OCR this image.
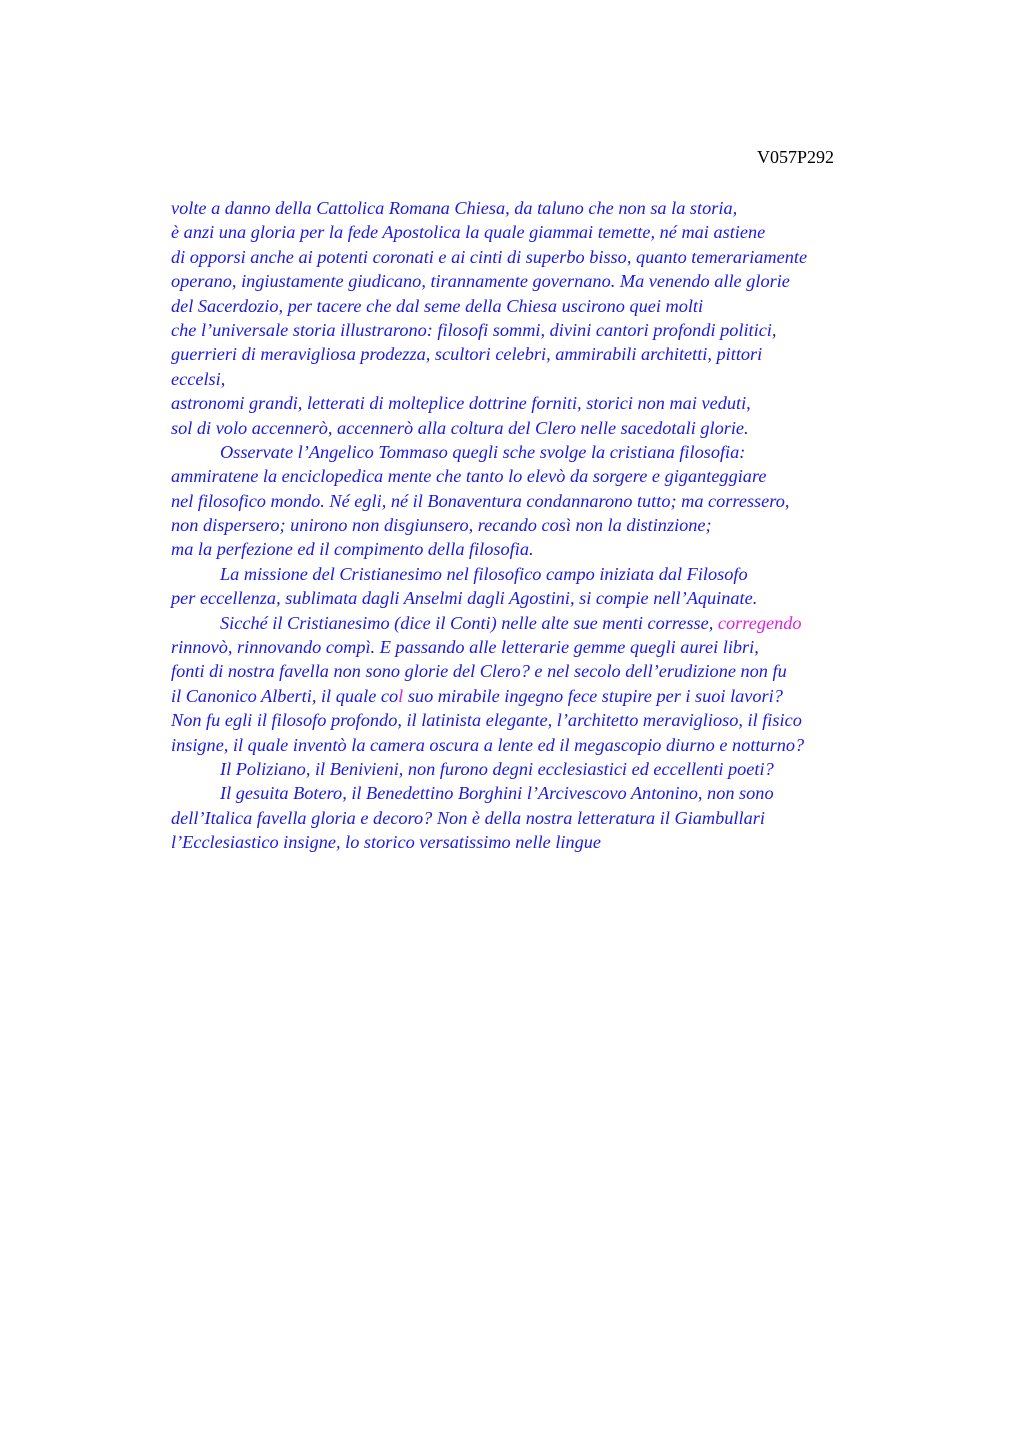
V057P292
volte a danno della Cattolica Romana Chiesa, da taluno che non sa la storia,
è anzi una gloria per la fede Apostolica la quale giammai temette, né mai astiene
di opporsi anche ai potenti coronati e ai cinti di superbo bisso, quanto temerariamente
operano, ingiustamente giudicano, tirannamente governano. Ma venendo alle glorie
del Sacerdozio, per tacere che dal seme della Chiesa uscirono quei molti
che l’universale storia illustrarono: filosofi sommi, divini cantori profondi politici,
guerrieri di meravigliosa prodezza, scultori celebri, ammirabili architetti, pittori
eccelsi,
astronomi grandi, letterati di molteplice dottrine forniti, storici non mai veduti,
sol di volo accennerò, accennerò alla coltura del Clero nelle sacedotali glorie.
Osservate l’Angelico Tommaso quegli sche svolge la cristiana filosofia:
ammiratene la enciclopedica mente che tanto lo elevò da sorgere e giganteggiare
nel filosofico mondo. Né egli, né il Bonaventura condannarono tutto; ma corressero,
non dispersero; unirono non disgiunsero, recando così non la distinzione;
ma la perfezione ed il compimento della filosofia.
La missione del Cristianesimo nel filosofico campo iniziata dal Filosofo
per eccellenza, sublimata dagli Anselmi dagli Agostini, si compie nell’Aquinate.
Sicché il Cristianesimo (dice il Conti) nelle alte sue menti corresse, corregendo
rinnovò, rinnovando compì. E passando alle letterarie gemme quegli aurei libri,
fonti di nostra favella non sono glorie del Clero? e nel secolo dell’erudizione non fu
il Canonico Alberti, il quale col suo mirabile ingegno fece stupire per i suoi lavori?
Non fu egli il filosofo profondo, il latinista elegante, l’architetto meraviglioso, il fisico
insigne, il quale inventò la camera oscura a lente ed il megascopio diurno e notturno?
Il Poliziano, il Benivieni, non furono degni ecclesiastici ed eccellenti poeti?
Il gesuita Botero, il Benedettino Borghini l’Arcivescovo Antonino, non sono
dell’Italica favella gloria e decoro? Non è della nostra letteratura il Giambullari
l’Ecclesiastico insigne, lo storico versatissimo nelle lingue
